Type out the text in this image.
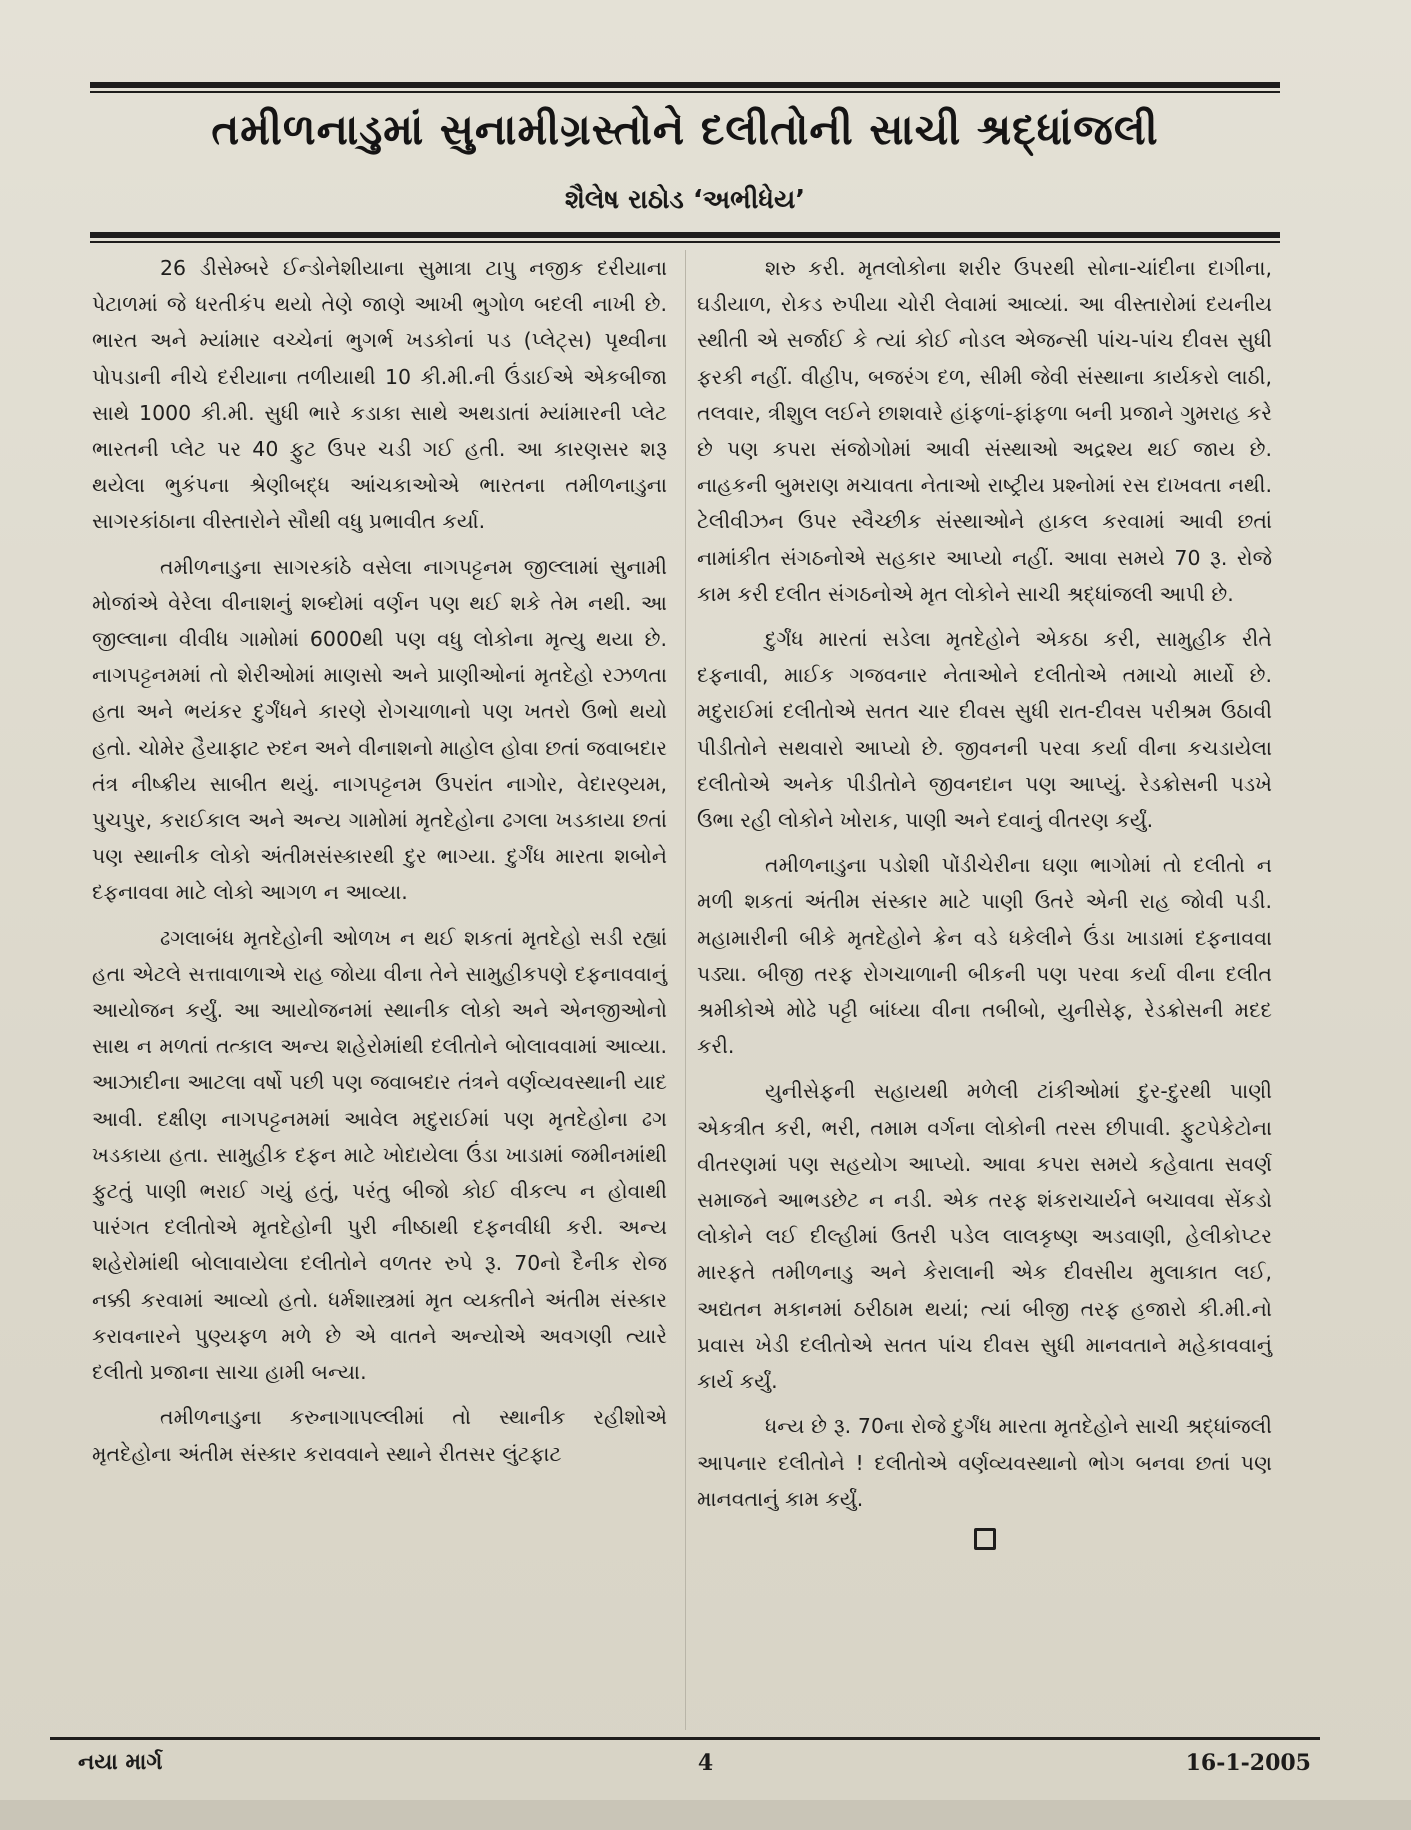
તમીળનાડુમાં સુનામીગ્રસ્તોને દલીતોની સાચી શ્રદ્ધાંજલી
શૈલેષ રાઠોડ ‘અભીધેય’

26 ડીસેમ્બરે ઈન્ડોનેશીયાના સુમાત્રા ટાપુ નજીક દરીયાના પેટાળમાં જે ધરતીકંપ થયો તેણે જાણે આખી ભુગોળ બદલી નાખી છે. ભારત અને મ્યાંમાર વચ્ચેનાં ભુગર્ભ ખડકોનાં પડ (પ્લેટ્સ) પૃથ્વીના પોપડાની નીચે દરીયાના તળીયાથી 10 કી.મી.ની ઉંડાઈએ એકબીજા સાથે 1000 કી.મી. સુધી ભારે કડાકા સાથે અથડાતાં મ્યાંમારની પ્લેટ ભારતની પ્લેટ પર 40 ફુટ ઉપર ચડી ગઈ હતી. આ કારણસર શરૂ થયેલા ભુકંપના શ્રેણીબદ્ધ આંચકાઓએ ભારતના તમીળનાડુના સાગરકાંઠાના વીસ્તારોને સૌથી વધુ પ્રભાવીત કર્યા.

તમીળનાડુના સાગરકાંઠે વસેલા નાગપટ્ટનમ જીલ્લામાં સુનામી મોજાંએ વેરેલા વીનાશનું શબ્દોમાં વર્ણન પણ થઈ શકે તેમ નથી. આ જીલ્લાના વીવીધ ગામોમાં 6000થી પણ વધુ લોકોના મૃત્યુ થયા છે. નાગપટ્ટનમમાં તો શેરીઓમાં માણસો અને પ્રાણીઓનાં મૃતદેહો રઝળતા હતા અને ભયંકર દુર્ગંધને કારણે રોગચાળાનો પણ ખતરો ઉભો થયો હતો. ચોમેર હૈયાફાટ રુદન અને વીનાશનો માહોલ હોવા છતાં જવાબદાર તંત્ર નીષ્ક્રીય સાબીત થયું. નાગપટ્ટનમ ઉપરાંત નાગોર, વેદારણ્યમ, પુચપુર, કરાઈકાલ અને અન્ય ગામોમાં મૃતદેહોના ઢગલા ખડકાયા છતાં પણ સ્થાનીક લોકો અંતીમસંસ્કારથી દુર ભાગ્યા. દુર્ગંધ મારતા શબોને દફનાવવા માટે લોકો આગળ ન આવ્યા.

ઢગલાબંધ મૃતદેહોની ઓળખ ન થઈ શકતાં મૃતદેહો સડી રહ્યાં હતા એટલે સત્તાવાળાએ રાહ જોયા વીના તેને સામુહીકપણે દફનાવવાનું આયોજન કર્યું. આ આયોજનમાં સ્થાનીક લોકો અને એનજીઓનો સાથ ન મળતાં તત્કાલ અન્ય શહેરોમાંથી દલીતોને બોલાવવામાં આવ્યા. આઝાદીના આટલા વર્ષો પછી પણ જવાબદાર તંત્રને વર્ણવ્યવસ્થાની યાદ આવી. દક્ષીણ નાગપટ્ટનમમાં આવેલ મદુરાઈમાં પણ મૃતદેહોના ઢગ ખડકાયા હતા. સામુહીક દફન માટે ખોદાયેલા ઉંડા ખાડામાં જમીનમાંથી ફુટતું પાણી ભરાઈ ગયું હતું, પરંતુ બીજો કોઈ વીકલ્પ ન હોવાથી પારંગત દલીતોએ મૃતદેહોની પુરી નીષ્ઠાથી દફનવીધી કરી. અન્ય શહેરોમાંથી બોલાવાયેલા દલીતોને વળતર રુપે રૂ. 70નો દૈનીક રોજ નક્કી કરવામાં આવ્યો હતો. ધર્મશાસ્ત્રમાં મૃત વ્યક્તીને અંતીમ સંસ્કાર કરાવનારને પુણ્યફળ મળે છે એ વાતને અન્યોએ અવગણી ત્યારે દલીતો પ્રજાના સાચા હામી બન્યા.

તમીળનાડુના કરુનાગાપલ્લીમાં તો સ્થાનીક રહીશોએ મૃતદેહોના અંતીમ સંસ્કાર કરાવવાને સ્થાને રીતસર લુંટફાટ

શરુ કરી. મૃતલોકોના શરીર ઉપરથી સોના-ચાંદીના દાગીના, ઘડીયાળ, રોકડ રુપીયા ચોરી લેવામાં આવ્યાં. આ વીસ્તારોમાં દયનીય સ્થીતી એ સર્જાઈ કે ત્યાં કોઈ નોડલ એજન્સી પાંચ-પાંચ દીવસ સુધી ફરકી નહીં. વીહીપ, બજરંગ દળ, સીમી જેવી સંસ્થાના કાર્યકરો લાઠી, તલવાર, ત્રીશુલ લઈને છાશવારે હાંફળાં-ફાંફળા બની પ્રજાને ગુમરાહ કરે છે પણ કપરા સંજોગોમાં આવી સંસ્થાઓ અદ્રશ્ય થઈ જાય છે. નાહકની બુમરાણ મચાવતા નેતાઓ રાષ્ટ્રીય પ્રશ્નોમાં રસ દાખવતા નથી. ટેલીવીઝન ઉપર સ્વૈચ્છીક સંસ્થાઓને હાકલ કરવામાં આવી છતાં નામાંકીત સંગઠનોએ સહકાર આપ્યો નહીં. આવા સમયે 70 રૂ. રોજે કામ કરી દલીત સંગઠનોએ મૃત લોકોને સાચી શ્રદ્ધાંજલી આપી છે.

દુર્ગંધ મારતાં સડેલા મૃતદેહોને એકઠા કરી, સામુહીક રીતે દફનાવી, માઈક ગજવનાર નેતાઓને દલીતોએ તમાચો માર્યો છે. મદુરાઈમાં દલીતોએ સતત ચાર દીવસ સુધી રાત-દીવસ પરીશ્રમ ઉઠાવી પીડીતોને સથવારો આપ્યો છે. જીવનની પરવા કર્યા વીના કચડાયેલા દલીતોએ અનેક પીડીતોને જીવનદાન પણ આપ્યું. રેડક્રોસની પડખે ઉભા રહી લોકોને ખોરાક, પાણી અને દવાનું વીતરણ કર્યું.

તમીળનાડુના પડોશી પોંડીચેરીના ઘણા ભાગોમાં તો દલીતો ન મળી શકતાં અંતીમ સંસ્કાર માટે પાણી ઉતરે એની રાહ જોવી પડી. મહામારીની બીકે મૃતદેહોને ક્રેન વડે ધકેલીને ઉંડા ખાડામાં દફનાવવા પડ્યા. બીજી તરફ રોગચાળાની બીકની પણ પરવા કર્યા વીના દલીત શ્રમીકોએ મોઢે પટ્ટી બાંધ્યા વીના તબીબો, યુનીસેફ, રેડક્રોસની મદદ કરી.

યુનીસેફની સહાયથી મળેલી ટાંકીઓમાં દુર-દુરથી પાણી એકત્રીત કરી, ભરી, તમામ વર્ગના લોકોની તરસ છીપાવી. ફુટપેકેટોના વીતરણમાં પણ સહયોગ આપ્યો. આવા કપરા સમયે કહેવાતા સવર્ણ સમાજને આભડછેટ ન નડી. એક તરફ શંકરાચાર્યને બચાવવા સેંકડો લોકોને લઈ દીલ્હીમાં ઉતરી પડેલ લાલકૃષ્ણ અડવાણી, હેલીકોપ્ટર મારફતે તમીળનાડુ અને કેરાલાની એક દીવસીય મુલાકાત લઈ, અદ્યતન મકાનમાં ઠરીઠામ થયાં; ત્યાં બીજી તરફ હજારો કી.મી.નો પ્રવાસ ખેડી દલીતોએ સતત પાંચ દીવસ સુધી માનવતાને મહેકાવવાનું કાર્ય કર્યું.

ધન્ય છે રૂ. 70ના રોજે દુર્ગંધ મારતા મૃતદેહોને સાચી શ્રદ્ધાંજલી આપનાર દલીતોને ! દલીતોએ વર્ણવ્યવસ્થાનો ભોગ બનવા છતાં પણ માનવતાનું કામ કર્યું.

નયા માર્ગ	4	16-1-2005
